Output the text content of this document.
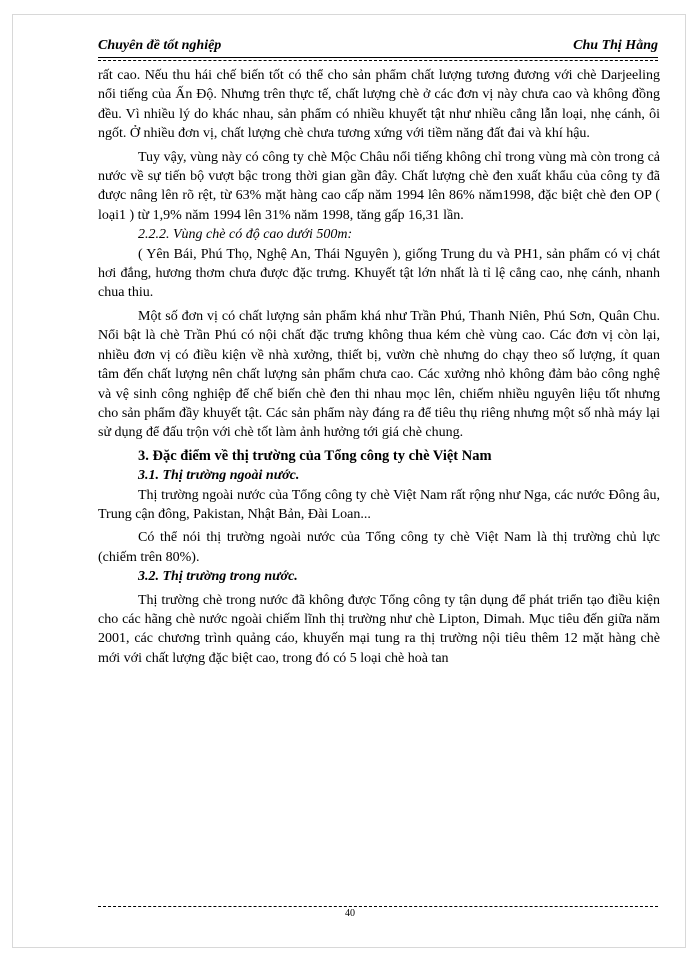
Chuyên đề tốt nghiệp	Chu Thị Hằng

rất cao. Nếu thu hái chế biến tốt có thể cho sản phẩm chất lượng tương đương với chè Darjeeling nổi tiếng của Ấn Độ. Nhưng trên thực tế, chất lượng chè ở các đơn vị này chưa cao và không đồng đều. Vì nhiều lý do khác nhau, sản phẩm có nhiều khuyết tật như nhiều cẳng lẫn loại, nhẹ cánh, ôi ngốt. Ở nhiều đơn vị, chất lượng chè chưa tương xứng với tiềm năng đất đai và khí hậu.

Tuy vậy, vùng này có công ty chè Mộc Châu nổi tiếng không chỉ trong vùng mà còn trong cả nước về sự tiến bộ vượt bậc trong thời gian gần đây. Chất lượng chè đen xuất khẩu của công ty đã được nâng lên rõ rệt, từ 63% mặt hàng cao cấp năm 1994 lên 86% năm1998, đặc biệt chè đen OP ( loại1 ) từ 1,9% năm 1994 lên 31% năm 1998, tăng gấp 16,31 lần.

2.2.2. Vùng chè có độ cao dưới 500m:

( Yên Bái, Phú Thọ, Nghệ An, Thái Nguyên ), giống Trung du và PH1, sản phẩm có vị chát hơi đắng, hương thơm chưa được đặc trưng. Khuyết tật lớn nhất là tỉ lệ cẳng cao, nhẹ cánh, nhanh chua thiu.

Một số đơn vị có chất lượng sản phẩm khá như Trần Phú, Thanh Niên, Phú Sơn, Quân Chu. Nổi bật là chè Trần Phú có nội chất đặc trưng không thua kém chè vùng cao. Các đơn vị còn lại, nhiều đơn vị có điều kiện về nhà xưởng, thiết bị, vườn chè nhưng do chạy theo số lượng, ít quan tâm đến chất lượng nên chất lượng sản phẩm chưa cao. Các xưởng nhỏ không đảm bảo công nghệ và vệ sinh công nghiệp để chế biến chè đen thi nhau mọc lên, chiếm nhiều nguyên liệu tốt nhưng cho sản phẩm đầy khuyết tật. Các sản phẩm này đáng ra để tiêu thụ riêng nhưng một số nhà máy lại sử dụng để đấu trộn với chè tốt làm ảnh hưởng tới giá chè chung.

3. Đặc điểm về thị trường của Tổng công ty chè Việt Nam

3.1. Thị trường ngoài nước.

Thị trường ngoài nước của Tổng công ty chè Việt Nam rất rộng như Nga, các nước Đông âu, Trung cận đông, Pakistan, Nhật Bản, Đài Loan...

Có thể nói thị trường ngoài nước của Tổng công ty chè Việt Nam là thị trường chủ lực (chiếm trên 80%).

3.2. Thị trường trong nước.

Thị trường chè trong nước đã không được Tổng công ty tận dụng để phát triển tạo điều kiện cho các hãng chè nước ngoài chiếm lĩnh thị trường như chè Lipton, Dimah. Mục tiêu đến giữa năm 2001, các chương trình quảng cáo, khuyến mại tung ra thị trường nội tiêu thêm 12 mặt hàng chè mới với chất lượng đặc biệt cao, trong đó có 5 loại chè hoà tan

40
